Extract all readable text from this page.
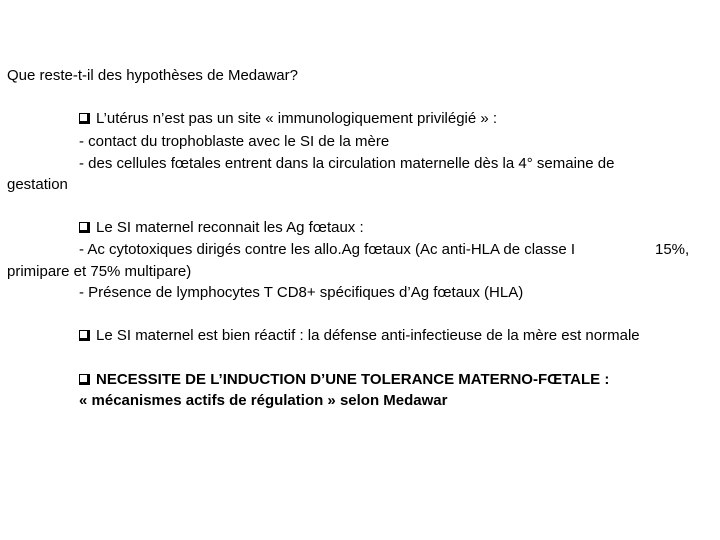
Que reste-t-il des hypothèses de Medawar?
L’utérus n’est pas un site « immunologiquement privilégié » :
- contact du trophoblaste avec le SI de la mère
- des cellules fœtales entrent dans la circulation maternelle dès la 4° semaine de
gestation
Le SI maternel reconnait les Ag fœtaux :
- Ac cytotoxiques dirigés contre les allo.Ag fœtaux (Ac anti-HLA de classe I	15%,
primipare et 75% multipare)
- Présence de lymphocytes T CD8+ spécifiques d’Ag fœtaux (HLA)
Le SI maternel est bien réactif : la défense anti-infectieuse de la mère est normale
NECESSITE DE L’INDUCTION D’UNE TOLERANCE MATERNO-FŒTALE :
« mécanismes actifs de régulation » selon Medawar
